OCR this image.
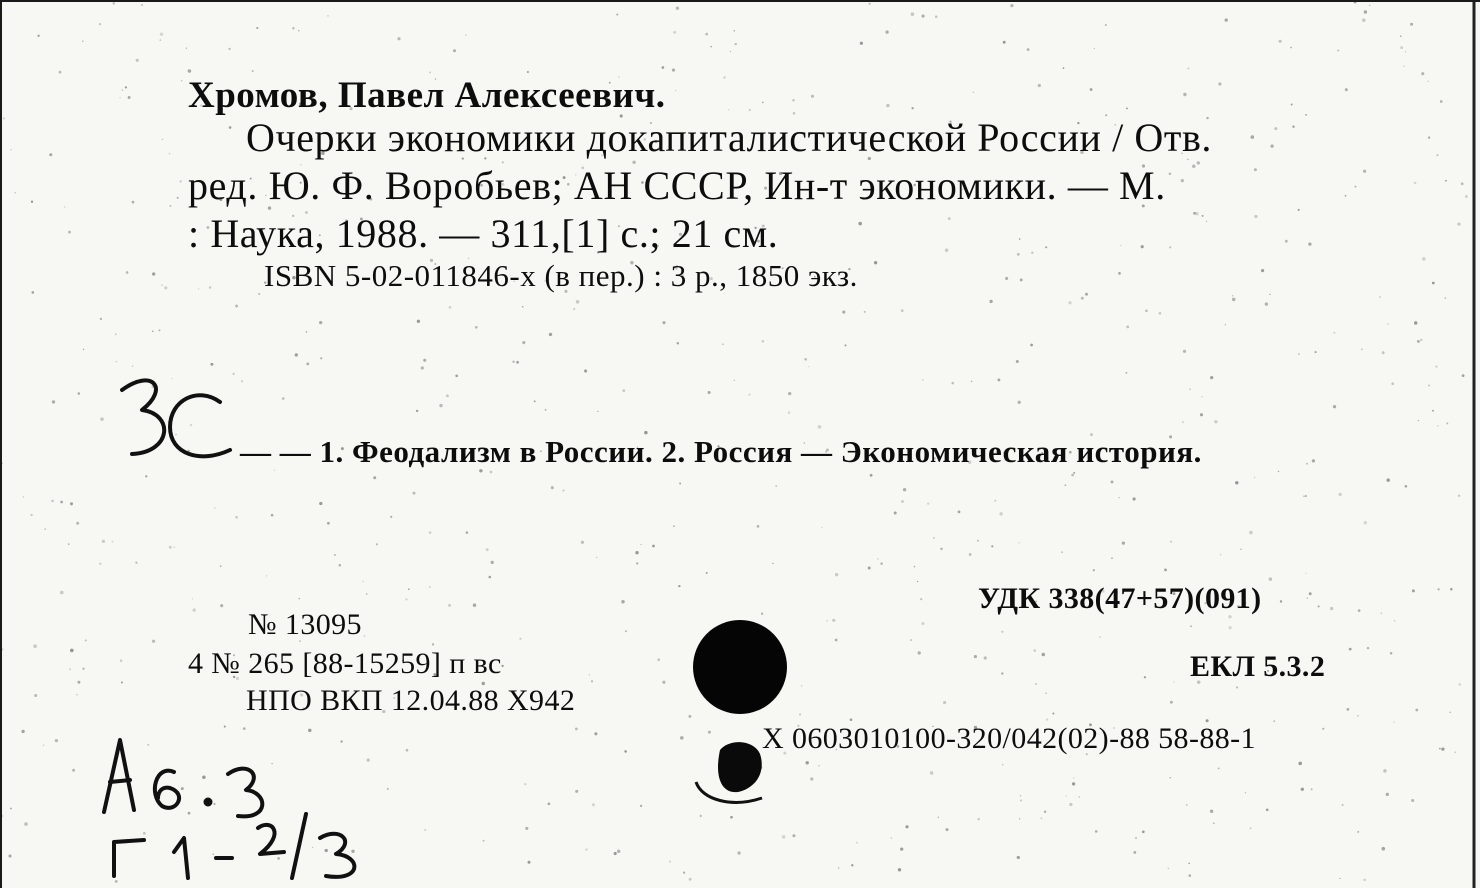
Хромов, Павел Алексеевич.
Очерки экономики докапиталистической России / Отв.
ред. Ю. Ф. Воробьев; АН СССР, Ин-т экономики. — М.
: Наука, 1988. — 311,[1] с.; 21 см.
ISBN 5-02-011846-х (в пер.) : 3 р., 1850 экз.
— — 1. Феодализм в России. 2. Россия — Экономическая история.
№ 13095
4 № 265 [88-15259] п вс
НПО ВКП 12.04.88 Х942
УДК 338(47+57)(091)
ЕКЛ 5.3.2
Х 0603010100-320/042(02)-88 58-88-1
